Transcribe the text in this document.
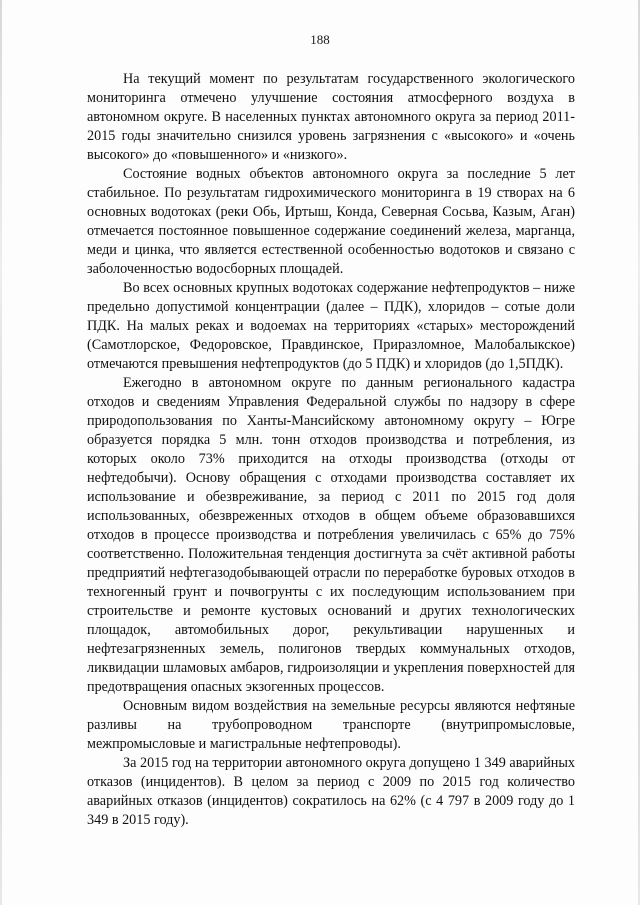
188

На текущий момент по результатам государственного экологического мониторинга отмечено улучшение состояния атмосферного воздуха в автономном округе. В населенных пунктах автономного округа за период 2011-2015 годы значительно снизился уровень загрязнения с «высокого» и «очень высокого» до «повышенного» и «низкого».

Состояние водных объектов автономного округа за последние 5 лет стабильное. По результатам гидрохимического мониторинга в 19 створах на 6 основных водотоках (реки Обь, Иртыш, Конда, Северная Сосьва, Казым, Аган) отмечается постоянное повышенное содержание соединений железа, марганца, меди и цинка, что является естественной особенностью водотоков и связано с заболоченностью водосборных площадей.

Во всех основных крупных водотоках содержание нефтепродуктов – ниже предельно допустимой концентрации (далее – ПДК), хлоридов – сотые доли ПДК. На малых реках и водоемах на территориях «старых» месторождений (Самотлорское, Федоровское, Правдинское, Приразломное, Малобалыкское) отмечаются превышения нефтепродуктов (до 5 ПДК) и хлоридов (до 1,5ПДК).

Ежегодно в автономном округе по данным регионального кадастра отходов и сведениям Управления Федеральной службы по надзору в сфере природопользования по Ханты-Мансийскому автономному округу – Югре образуется порядка 5 млн. тонн отходов производства и потребления, из которых около 73% приходится на отходы производства (отходы от нефтедобычи). Основу обращения с отходами производства составляет их использование и обезвреживание, за период с 2011 по 2015 год доля использованных, обезвреженных отходов в общем объеме образовавшихся отходов в процессе производства и потребления увеличилась с 65% до 75% соответственно. Положительная тенденция достигнута за счёт активной работы предприятий нефтегазодобывающей отрасли по переработке буровых отходов в техногенный грунт и почвогрунты с их последующим использованием при строительстве и ремонте кустовых оснований и других технологических площадок, автомобильных дорог, рекультивации нарушенных и нефтезагрязненных земель, полигонов твердых коммунальных отходов, ликвидации шламовых амбаров, гидроизоляции и укрепления поверхностей для предотвращения опасных экзогенных процессов.

Основным видом воздействия на земельные ресурсы являются нефтяные разливы на трубопроводном транспорте (внутрипромысловые, межпромысловые и магистральные нефтепроводы).

За 2015 год на территории автономного округа допущено 1 349 аварийных отказов (инцидентов). В целом за период с 2009 по 2015 год количество аварийных отказов (инцидентов) сократилось на 62% (с 4 797 в 2009 году до 1 349 в 2015 году).
